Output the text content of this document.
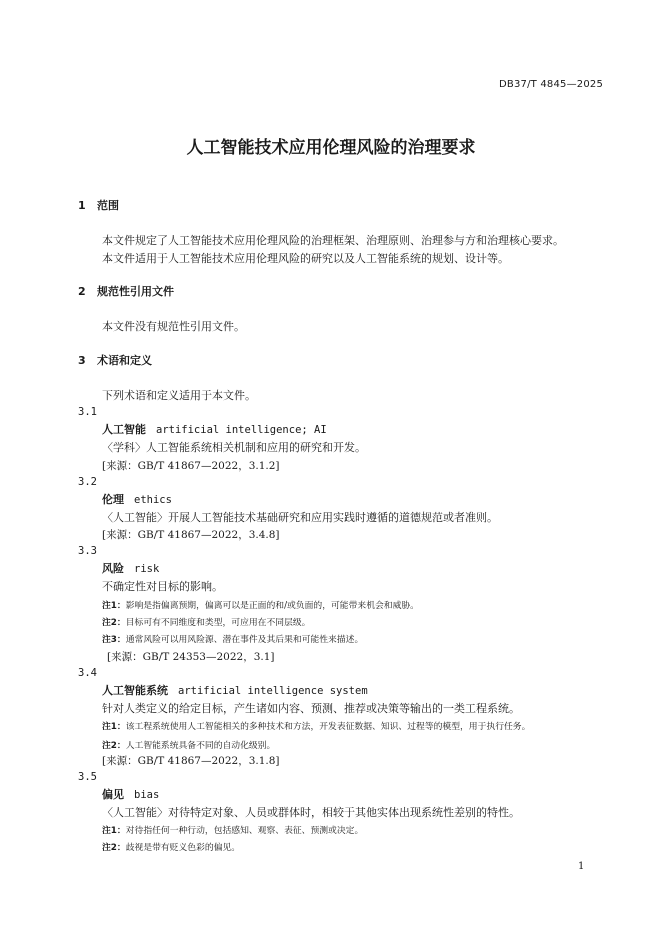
DB37/T 4845—2025
人工智能技术应用伦理风险的治理要求
1 范围
本文件规定了人工智能技术应用伦理风险的治理框架、治理原则、治理参与方和治理核心要求。
本文件适用于人工智能技术应用伦理风险的研究以及人工智能系统的规划、设计等。
2 规范性引用文件
本文件没有规范性引用文件。
3 术语和定义
下列术语和定义适用于本文件。
3.1
人工智能 artificial intelligence; AI
〈学科〉人工智能系统相关机制和应用的研究和开发。
[来源：GB/T 41867—2022，3.1.2]
3.2
伦理 ethics
〈人工智能〉开展人工智能技术基础研究和应用实践时遵循的道德规范或者准则。
[来源：GB/T 41867—2022，3.4.8]
3.3
风险 risk
不确定性对目标的影响。
注1：影响是指偏离预期，偏离可以是正面的和/或负面的，可能带来机会和威胁。
注2：目标可有不同维度和类型，可应用在不同层级。
注3：通常风险可以用风险源、潜在事件及其后果和可能性来描述。
[来源：GB/T 24353—2022，3.1]
3.4
人工智能系统 artificial intelligence system
针对人类定义的给定目标，产生诸如内容、预测、推荐或决策等输出的一类工程系统。
注1：该工程系统使用人工智能相关的多种技术和方法，开发表征数据、知识、过程等的模型，用于执行任务。
注2：人工智能系统具备不同的自动化级别。
[来源：GB/T 41867—2022，3.1.8]
3.5
偏见 bias
〈人工智能〉对待特定对象、人员或群体时，相较于其他实体出现系统性差别的特性。
注1：对待指任何一种行动，包括感知、观察、表征、预测或决定。
注2：歧视是带有贬义色彩的偏见。
1
